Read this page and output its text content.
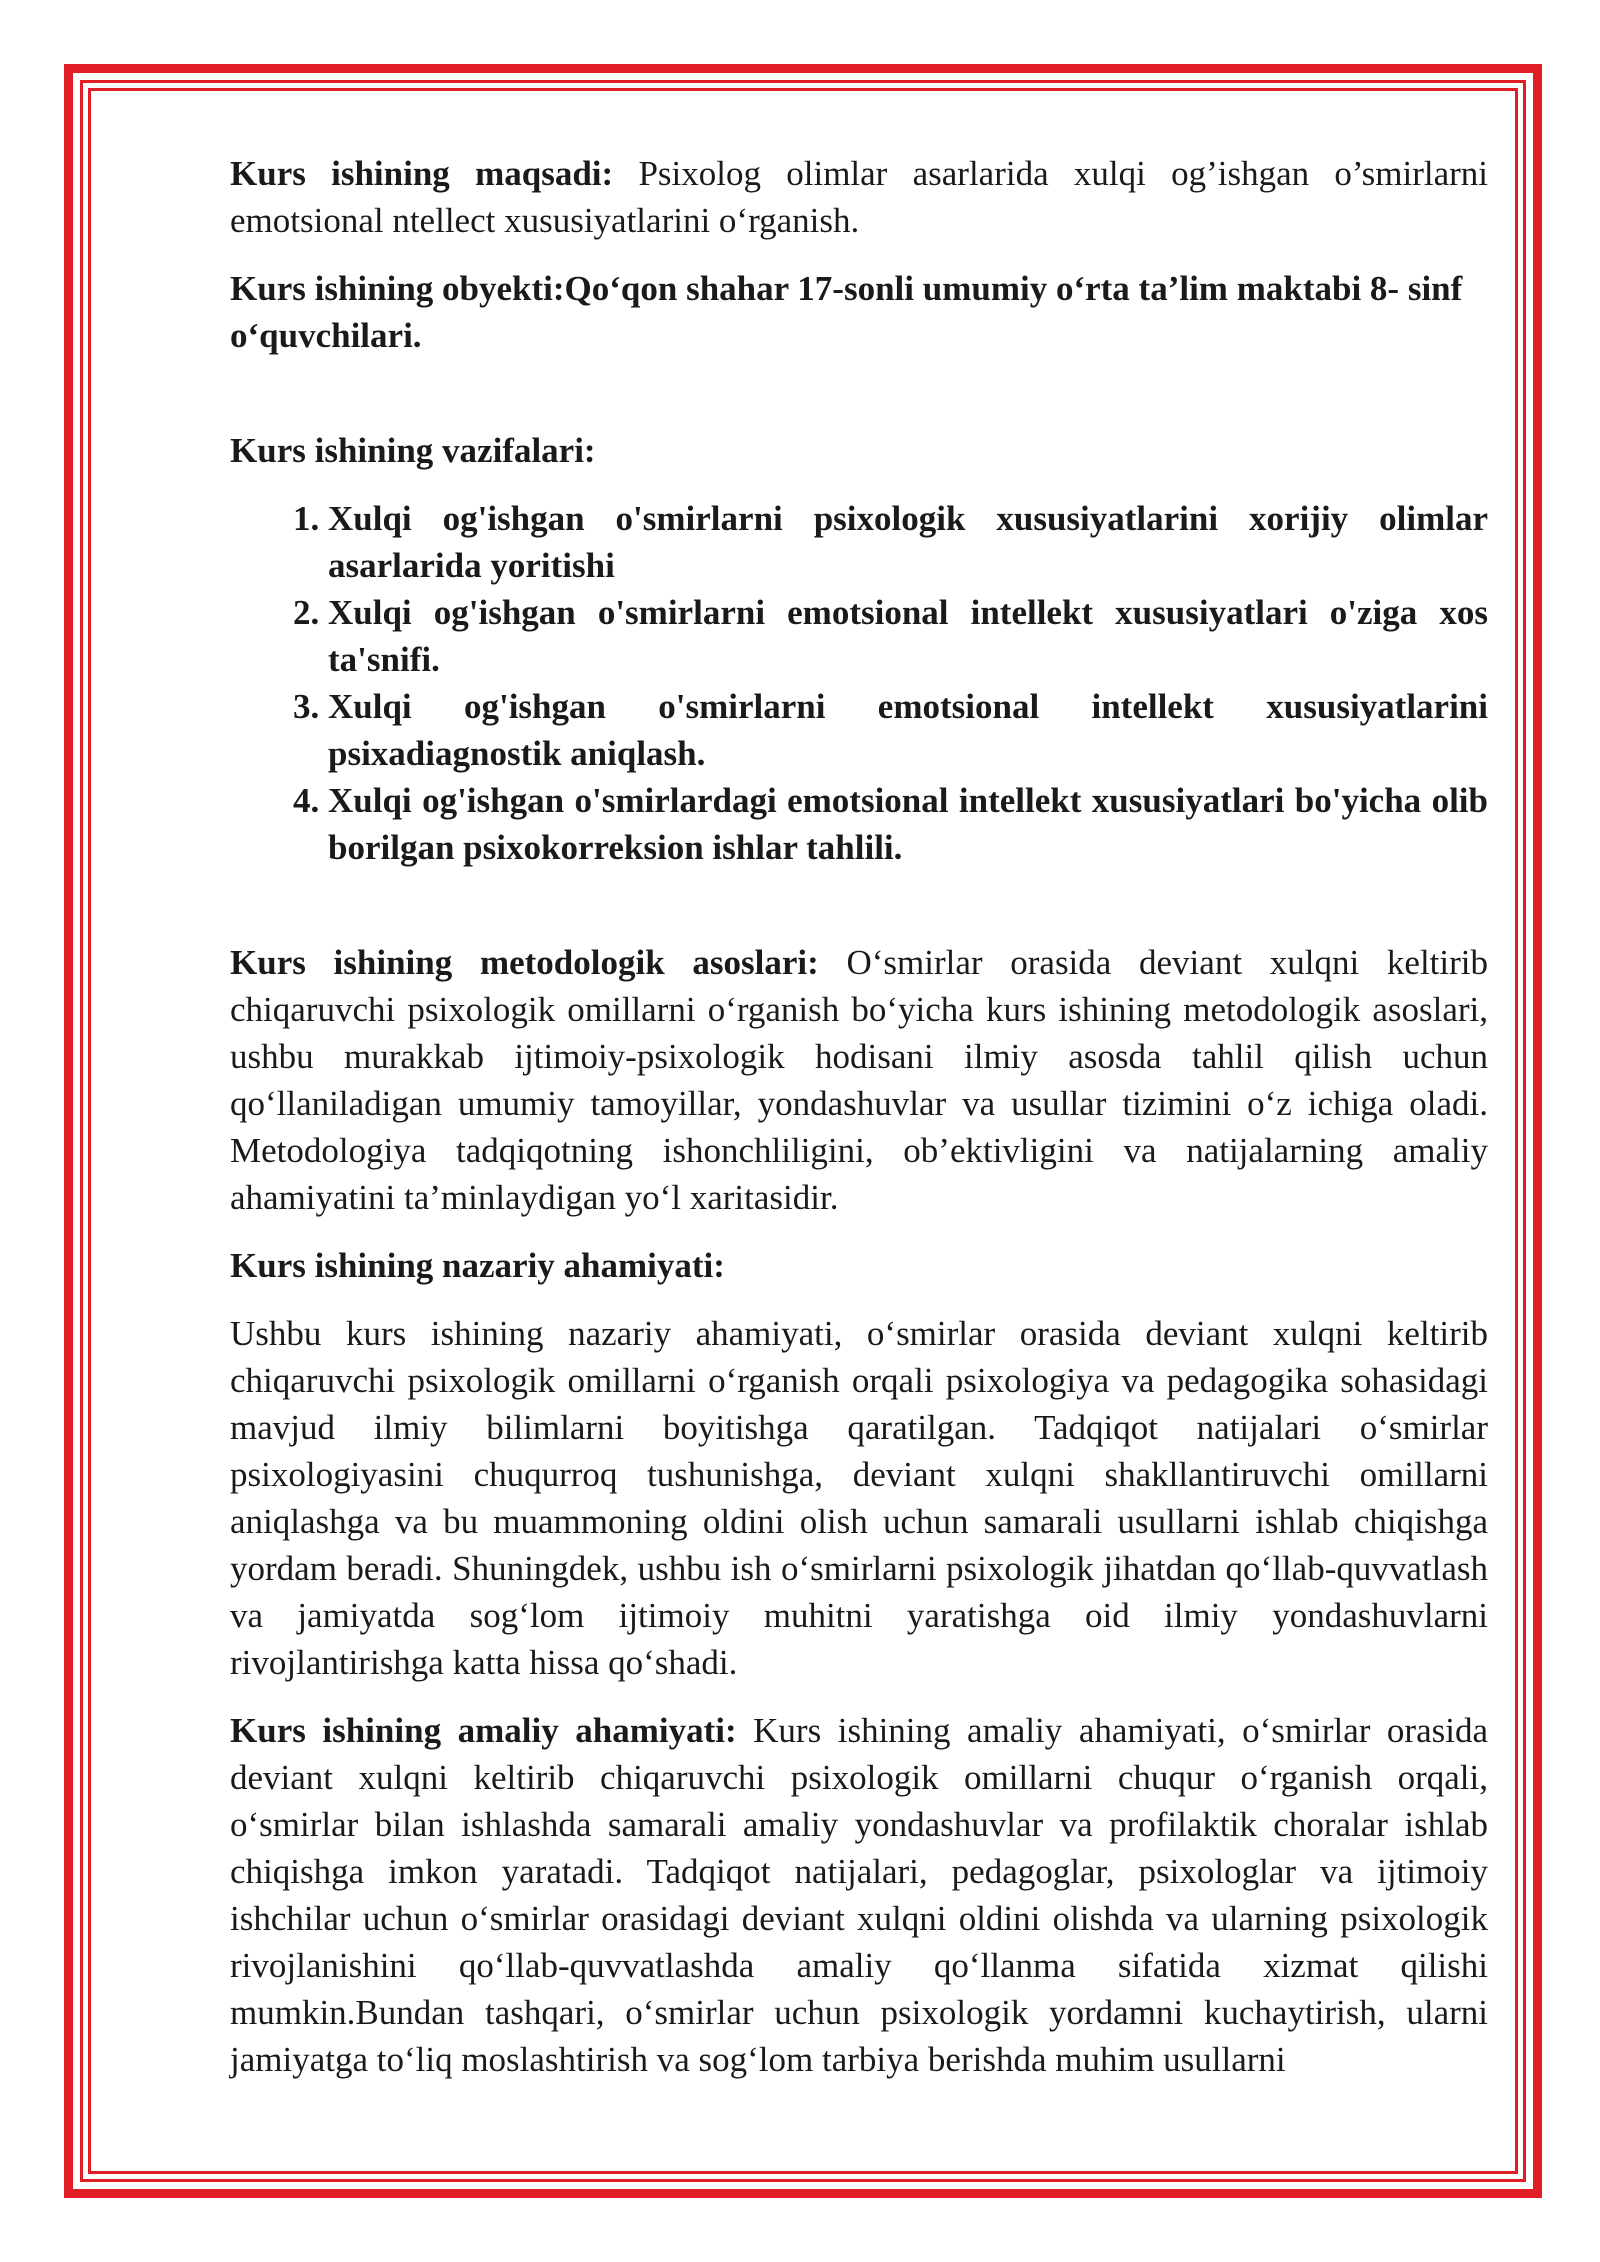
Kurs ishining maqsadi: Psixolog olimlar asarlarida xulqi og’ishgan o’smirlarni emotsional ntellect xususiyatlarini o‘rganish.

Kurs ishining obyekti:Qo‘qon shahar 17-sonli umumiy o‘rta ta’lim maktabi 8- sinf o‘quvchilari.

Kurs ishining vazifalari:

1. Xulqi og'ishgan o'smirlarni psixologik xususiyatlarini xorijiy olimlar asarlarida yoritishi
2. Xulqi og'ishgan o'smirlarni emotsional intellekt xususiyatlari o'ziga xos ta'snifi.
3. Xulqi og'ishgan o'smirlarni emotsional intellekt xususiyatlarini psixadiagnostik aniqlash.
4. Xulqi og'ishgan o'smirlardagi emotsional intellekt xususiyatlari bo'yicha olib borilgan psixokorreksion ishlar tahlili.

Kurs ishining metodologik asoslari: O‘smirlar orasida deviant xulqni keltirib chiqaruvchi psixologik omillarni o‘rganish bo‘yicha kurs ishining metodologik asoslari, ushbu murakkab ijtimoiy-psixologik hodisani ilmiy asosda tahlil qilish uchun qo‘llaniladigan umumiy tamoyillar, yondashuvlar va usullar tizimini o‘z ichiga oladi. Metodologiya tadqiqotning ishonchliligini, ob’ektivligini va natijalarning amaliy ahamiyatini ta’minlaydigan yo‘l xaritasidir.

Kurs ishining nazariy ahamiyati:

Ushbu kurs ishining nazariy ahamiyati, o‘smirlar orasida deviant xulqni keltirib chiqaruvchi psixologik omillarni o‘rganish orqali psixologiya va pedagogika sohasidagi mavjud ilmiy bilimlarni boyitishga qaratilgan. Tadqiqot natijalari o‘smirlar psixologiyasini chuqurroq tushunishga, deviant xulqni shakllantiruvchi omillarni aniqlashga va bu muammoning oldini olish uchun samarali usullarni ishlab chiqishga yordam beradi. Shuningdek, ushbu ish o‘smirlarni psixologik jihatdan qo‘llab-quvvatlash va jamiyatda sog‘lom ijtimoiy muhitni yaratishga oid ilmiy yondashuvlarni rivojlantirishga katta hissa qo‘shadi.

Kurs ishining amaliy ahamiyati: Kurs ishining amaliy ahamiyati, o‘smirlar orasida deviant xulqni keltirib chiqaruvchi psixologik omillarni chuqur o‘rganish orqali, o‘smirlar bilan ishlashda samarali amaliy yondashuvlar va profilaktik choralar ishlab chiqishga imkon yaratadi. Tadqiqot natijalari, pedagoglar, psixologlar va ijtimoiy ishchilar uchun o‘smirlar orasidagi deviant xulqni oldini olishda va ularning psixologik rivojlanishini qo‘llab-quvvatlashda amaliy qo‘llanma sifatida xizmat qilishi mumkin.Bundan tashqari, o‘smirlar uchun psixologik yordamni kuchaytirish, ularni jamiyatga to‘liq moslashtirish va sog‘lom tarbiya berishda muhim usullarni
